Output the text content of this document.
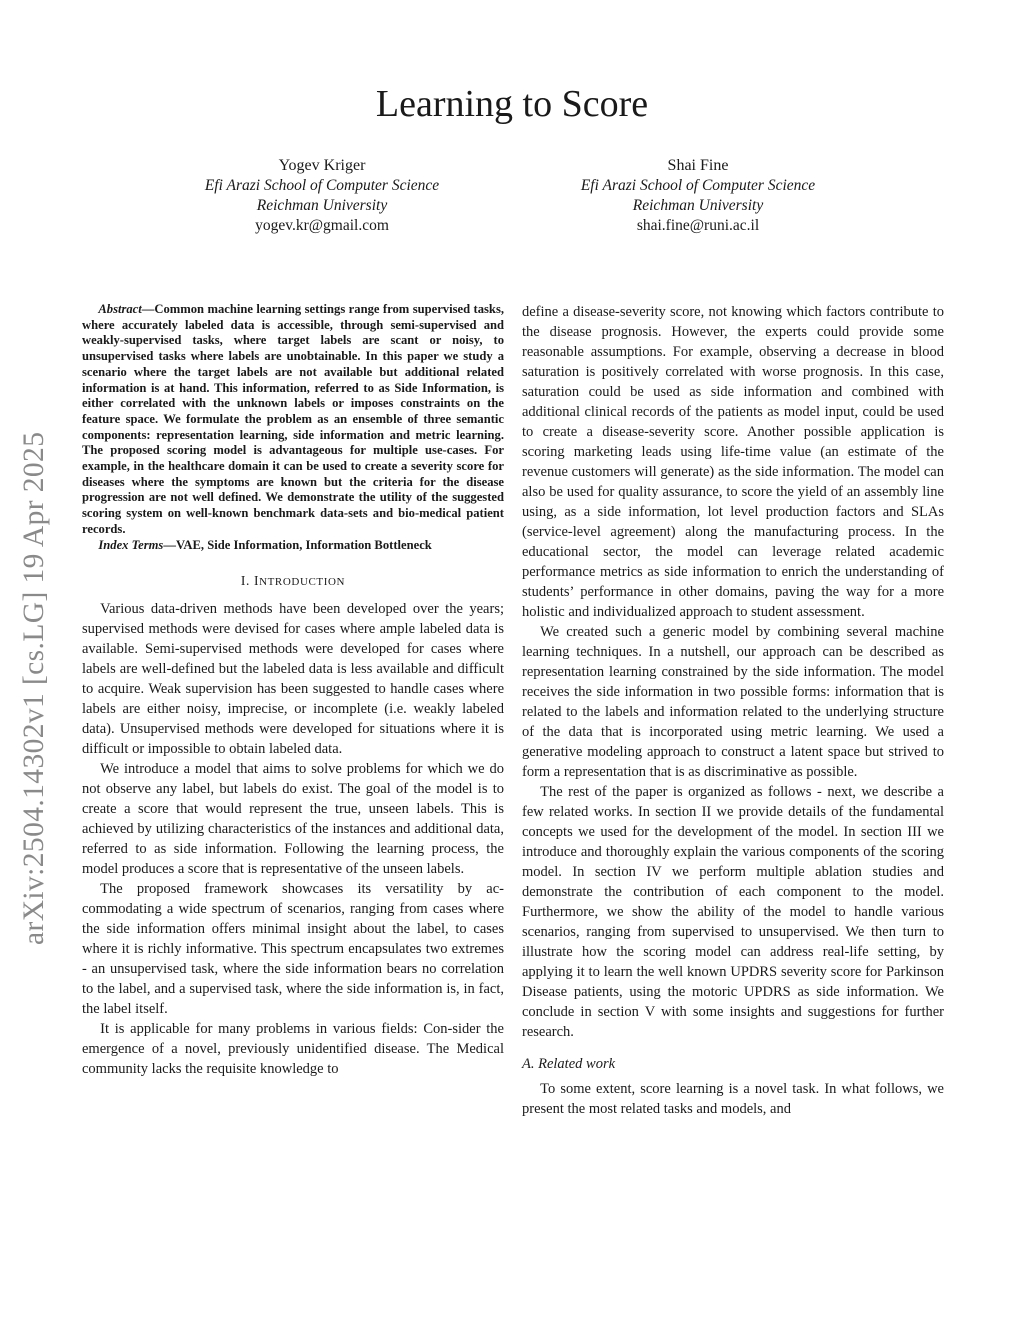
Learning to Score
Yogev Kriger
Efi Arazi School of Computer Science
Reichman University
yogev.kr@gmail.com
Shai Fine
Efi Arazi School of Computer Science
Reichman University
shai.fine@runi.ac.il
arXiv:2504.14302v1 [cs.LG] 19 Apr 2025

Abstract—Common machine learning settings range from supervised tasks, where accurately labeled data is accessible, through semi-supervised and weakly-supervised tasks, where target labels are scant or noisy, to unsupervised tasks where labels are unobtainable. In this paper we study a scenario where the target labels are not available but additional related information is at hand. This information, referred to as Side Information, is either correlated with the unknown labels or imposes constraints on the feature space. We formulate the problem as an ensemble of three semantic components: representation learning, side information and metric learning. The proposed scoring model is advantageous for multiple use-cases. For example, in the healthcare domain it can be used to create a severity score for diseases where the symptoms are known but the criteria for the disease progression are not well defined. We demonstrate the utility of the suggested scoring system on well-known benchmark data-sets and bio-medical patient records.

Index Terms—VAE, Side Information, Information Bottleneck

I. INTRODUCTION

Various data-driven methods have been developed over the years; supervised methods were devised for cases where ample labeled data is available. Semi-supervised methods were developed for cases where labels are well-defined but the labeled data is less available and difficult to acquire. Weak supervision has been suggested to handle cases where labels are either noisy, imprecise, or incomplete (i.e. weakly labeled data). Unsupervised methods were developed for situations where it is difficult or impossible to obtain labeled data.

We introduce a model that aims to solve problems for which we do not observe any label, but labels do exist. The goal of the model is to create a score that would represent the true, unseen labels. This is achieved by utilizing characteristics of the instances and additional data, referred to as side information. Following the learning process, the model produces a score that is representative of the unseen labels.

The proposed framework showcases its versatility by ac-commodating a wide spectrum of scenarios, ranging from cases where the side information offers minimal insight about the label, to cases where it is richly informative. This spectrum encapsulates two extremes - an unsupervised task, where the side information bears no correlation to the label, and a supervised task, where the side information is, in fact, the label itself.

It is applicable for many problems in various fields: Con-sider the emergence of a novel, previously unidentified disease. The Medical community lacks the requisite knowledge to

define a disease-severity score, not knowing which factors contribute to the disease prognosis. However, the experts could provide some reasonable assumptions. For example, observing a decrease in blood saturation is positively correlated with worse prognosis. In this case, saturation could be used as side information and combined with additional clinical records of the patients as model input, could be used to create a disease-severity score. Another possible application is scoring marketing leads using life-time value (an estimate of the revenue customers will generate) as the side information. The model can also be used for quality assurance, to score the yield of an assembly line using, as a side information, lot level production factors and SLAs (service-level agreement) along the manufacturing process. In the educational sector, the model can leverage related academic performance metrics as side information to enrich the understanding of students’ performance in other domains, paving the way for a more holistic and individualized approach to student assessment.

We created such a generic model by combining several machine learning techniques. In a nutshell, our approach can be described as representation learning constrained by the side information. The model receives the side information in two possible forms: information that is related to the labels and information related to the underlying structure of the data that is incorporated using metric learning. We used a generative modeling approach to construct a latent space but strived to form a representation that is as discriminative as possible.

The rest of the paper is organized as follows - next, we describe a few related works. In section II we provide details of the fundamental concepts we used for the development of the model. In section III we introduce and thoroughly explain the various components of the scoring model. In section IV we perform multiple ablation studies and demonstrate the contribution of each component to the model. Furthermore, we show the ability of the model to handle various scenarios, ranging from supervised to unsupervised. We then turn to illustrate how the scoring model can address real-life setting, by applying it to learn the well known UPDRS severity score for Parkinson Disease patients, using the motoric UPDRS as side information. We conclude in section V with some insights and suggestions for further research.

A. Related work

To some extent, score learning is a novel task. In what follows, we present the most related tasks and models, and
